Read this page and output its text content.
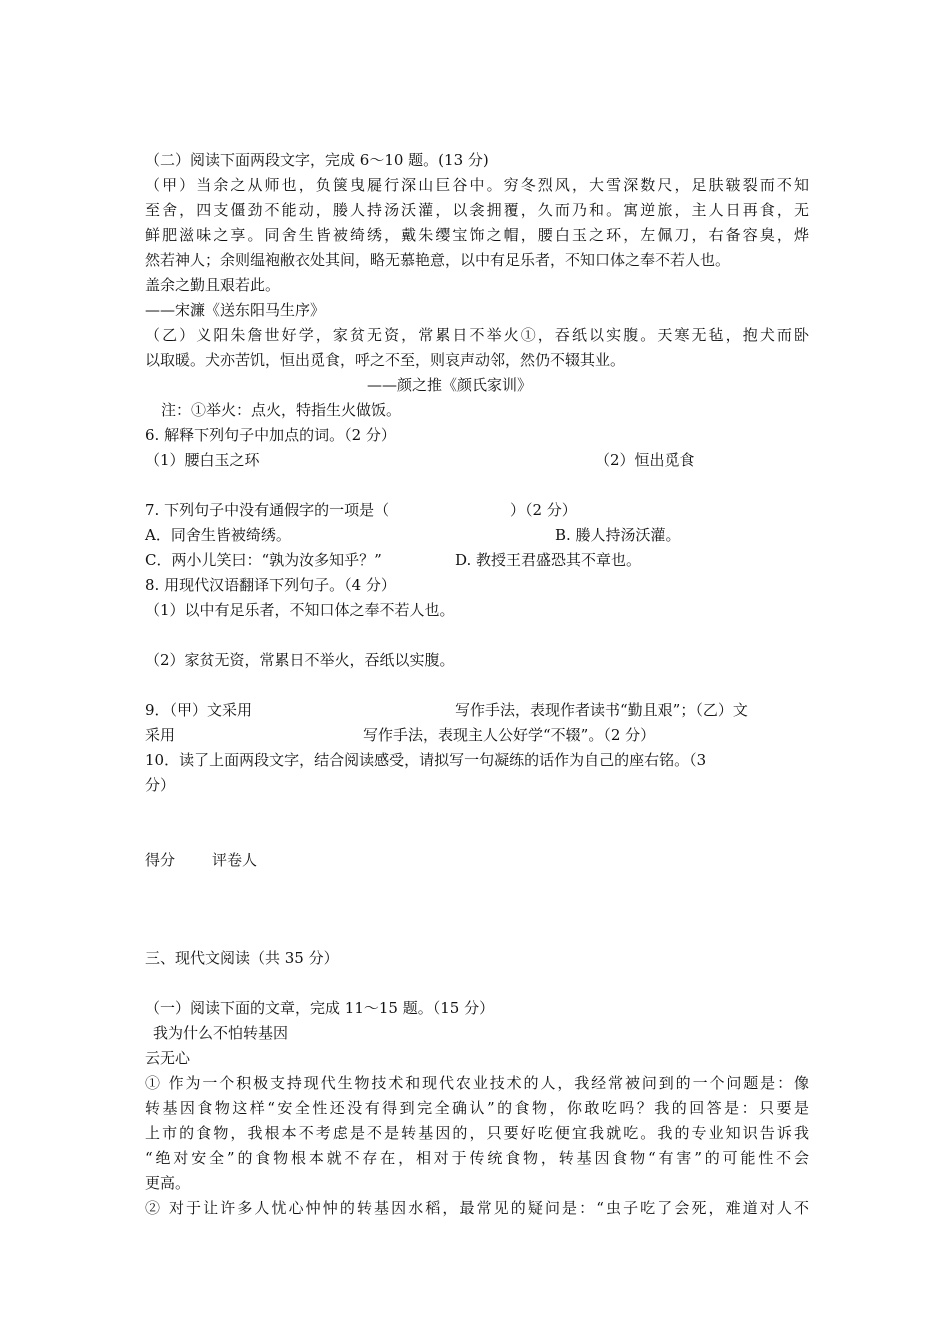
（二）阅读下面两段文字，完成 6～10 题。(13 分)

（甲）当余之从师也，负箧曳屣行深山巨谷中。穷冬烈风，大雪深数尺，足肤皲裂而不知

至舍，四支僵劲不能动，媵人持汤沃灌，以衾拥覆，久而乃和。寓逆旅，主人日再食，无

鲜肥滋味之享。同舍生皆被绮绣，戴朱缨宝饰之帽，腰白玉之环，左佩刀，右备容臭，烨

然若神人；余则缊袍敝衣处其间，略无慕艳意，以中有足乐者，不知口体之奉不若人也。

盖余之勤且艰若此。

——宋濂《送东阳马生序》

（乙）义阳朱詹世好学，家贫无资，常累日不举火①，吞纸以实腹。天寒无毡，抱犬而卧

以取暖。犬亦苦饥，恒出觅食，呼之不至，则哀声动邻，然仍不辍其业。

——颜之推《颜氏家训》
注：①举火：点火，特指生火做饭。

6. 解释下列句子中加点的词。（2 分）

（1）腰白玉之环	（2）恒出觅食
7. 下列句子中没有通假字的一项是（	）（2 分）
A．同舍生皆被绮绣。	B. 媵人持汤沃灌。
C．两小儿笑曰：“孰为汝多知乎？”	D. 教授王君盛恐其不章也。

8. 用现代汉语翻译下列句子。（4 分）

（1）以中有足乐者，不知口体之奉不若人也。

（2）家贫无资，常累日不举火，吞纸以实腹。

9．（甲）文采用	写作手法，表现作者读书“勤且艰”；（乙）文
采用	写作手法，表现主人公好学“不辍”。（2 分）

10．读了上面两段文字，结合阅读感受，请拟写一句凝练的话作为自己的座右铭。（3

分）

得分 评卷人

三、现代文阅读（共 35 分）

（一）阅读下面的文章，完成 11～15 题。（15 分）

我为什么不怕转基因

云无心

① 作为一个积极支持现代生物技术和现代农业技术的人，我经常被问到的一个问题是：像

转基因食物这样“安全性还没有得到完全确认”的食物，你敢吃吗？我的回答是：只要是

上市的食物，我根本不考虑是不是转基因的，只要好吃便宜我就吃。我的专业知识告诉我

“绝对安全”的食物根本就不存在，相对于传统食物，转基因食物“有害”的可能性不会

更高。

② 对于让许多人忧心忡忡的转基因水稻，最常见的疑问是：“虫子吃了会死，难道对人不
